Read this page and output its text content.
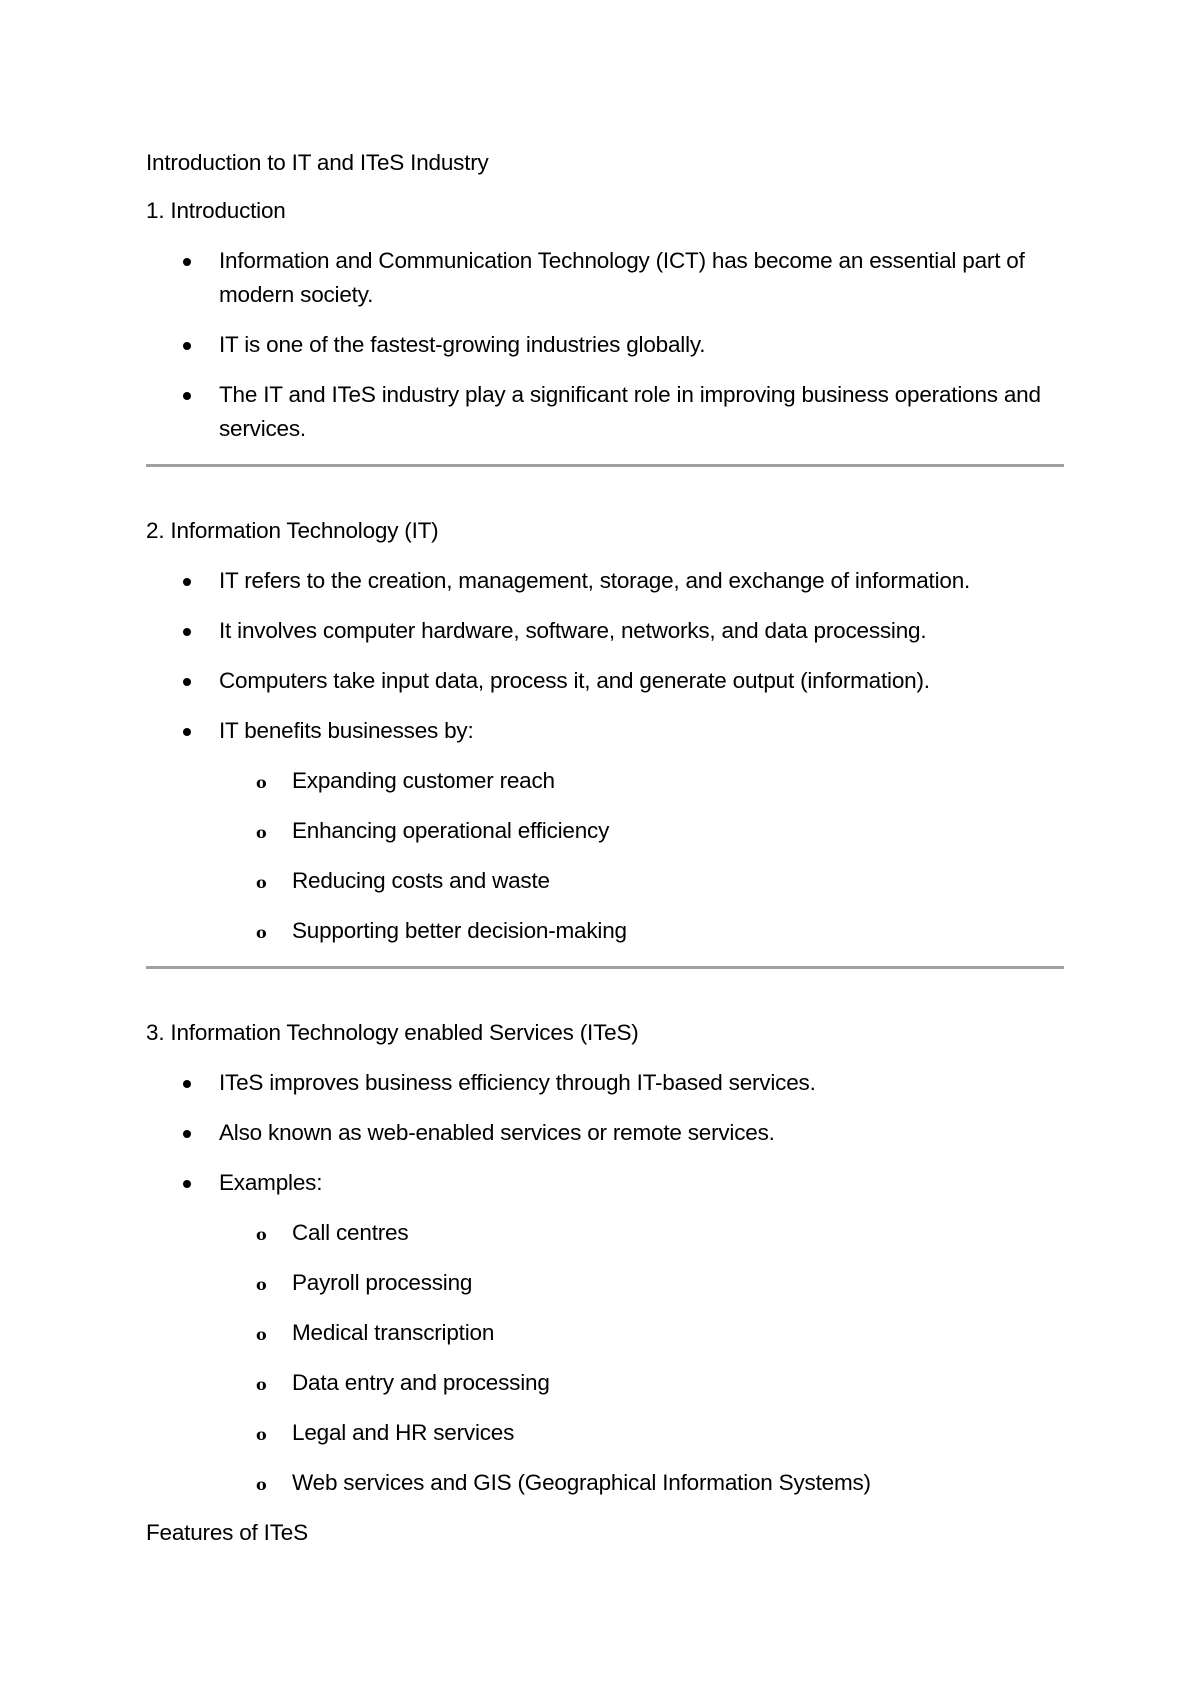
Introduction to IT and ITeS Industry

1. Introduction

Information and Communication Technology (ICT) has become an essential part of modern society.
IT is one of the fastest-growing industries globally.
The IT and ITeS industry play a significant role in improving business operations and services.

2. Information Technology (IT)

IT refers to the creation, management, storage, and exchange of information.
It involves computer hardware, software, networks, and data processing.
Computers take input data, process it, and generate output (information).
IT benefits businesses by:
o Expanding customer reach
o Enhancing operational efficiency
o Reducing costs and waste
o Supporting better decision-making

3. Information Technology enabled Services (ITeS)

ITeS improves business efficiency through IT-based services.
Also known as web-enabled services or remote services.
Examples:
o Call centres
o Payroll processing
o Medical transcription
o Data entry and processing
o Legal and HR services
o Web services and GIS (Geographical Information Systems)

Features of ITeS
